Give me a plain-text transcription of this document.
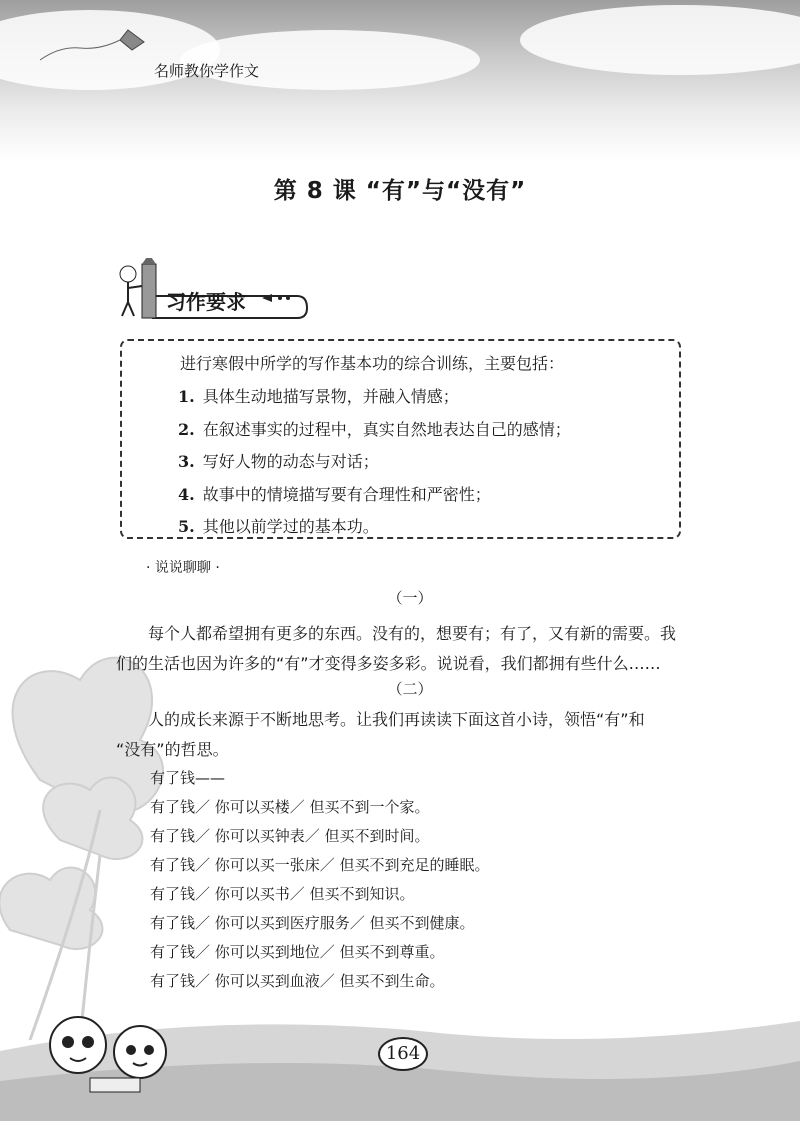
名师教你学作文
第 8 课 “有”与“没有”
习作要求
进行寒假中所学的写作基本功的综合训练，主要包括：
1. 具体生动地描写景物，并融入情感；
2. 在叙述事实的过程中，真实自然地表达自己的感情；
3. 写好人物的动态与对话；
4. 故事中的情境描写要有合理性和严密性；
5. 其他以前学过的基本功。
· 说说聊聊 ·
（一）
每个人都希望拥有更多的东西。没有的，想要有；有了，又有新的需要。我
们的生活也因为许多的“有”才变得多姿多彩。说说看，我们都拥有些什么……
（二）
人的成长来源于不断地思考。让我们再读读下面这首小诗，领悟“有”和
“没有”的哲思。
有了钱——
有了钱／ 你可以买楼／ 但买不到一个家。
有了钱／ 你可以买钟表／ 但买不到时间。
有了钱／ 你可以买一张床／ 但买不到充足的睡眠。
有了钱／ 你可以买书／ 但买不到知识。
有了钱／ 你可以买到医疗服务／ 但买不到健康。
有了钱／ 你可以买到地位／ 但买不到尊重。
有了钱／ 你可以买到血液／ 但买不到生命。
164
